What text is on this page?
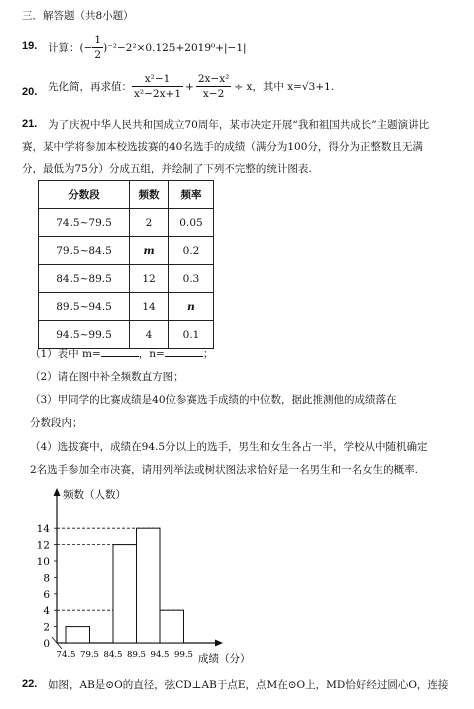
三．解答题（共8小题）
19. 计算：(− $\frac{1}{2} )^{-2}-2^2\times 0.125+2019^0+|-1|$
20. 先化简，再求值： $\frac{\text{x²−1}}{\text{x²−2x+1}} + \frac{\text{2x−x²}}{x-2} \div x$，其中 x=√3+1.
21. 为了庆祝中华人民共和国成立70周年，某市决定开展“我和祖国共成长”主题演讲比
赛，某中学将参加本校选拔赛的40名选手的成绩（满分为100分，得分为正整数且无满
分，最低为75分）分成五组，并绘制了下列不完整的统计图表.
分数段	频数	频率
74.5~79.5	2	0.05
79.5~84.5	m	0.2
84.5~89.5	12	0.3
89.5~94.5	14	n
94.5~99.5	4	0.1
（1）表中 m=	，n=	；
（2）请在图中补全频数直方图；
（3）甲同学的比赛成绩是40位参赛选手成绩的中位数，据此推测他的成绩落在
分数段内；
（4）选拔赛中，成绩在94.5分以上的选手，男生和女生各占一半，学校从中随机确定
2名选手参加全市决赛，请用列举法或树状图法求恰好是一名男生和一名女生的概率.
0
2
4
6
8
10
12
14
74.5 79.5 84.5 89.5 94.5 99.5
频数（人数）
成绩（分）
22. 如图，AB是⊙O的直径，弦CD⊥AB于点E，点M在⊙O上，MD恰好经过圆心O，连接
